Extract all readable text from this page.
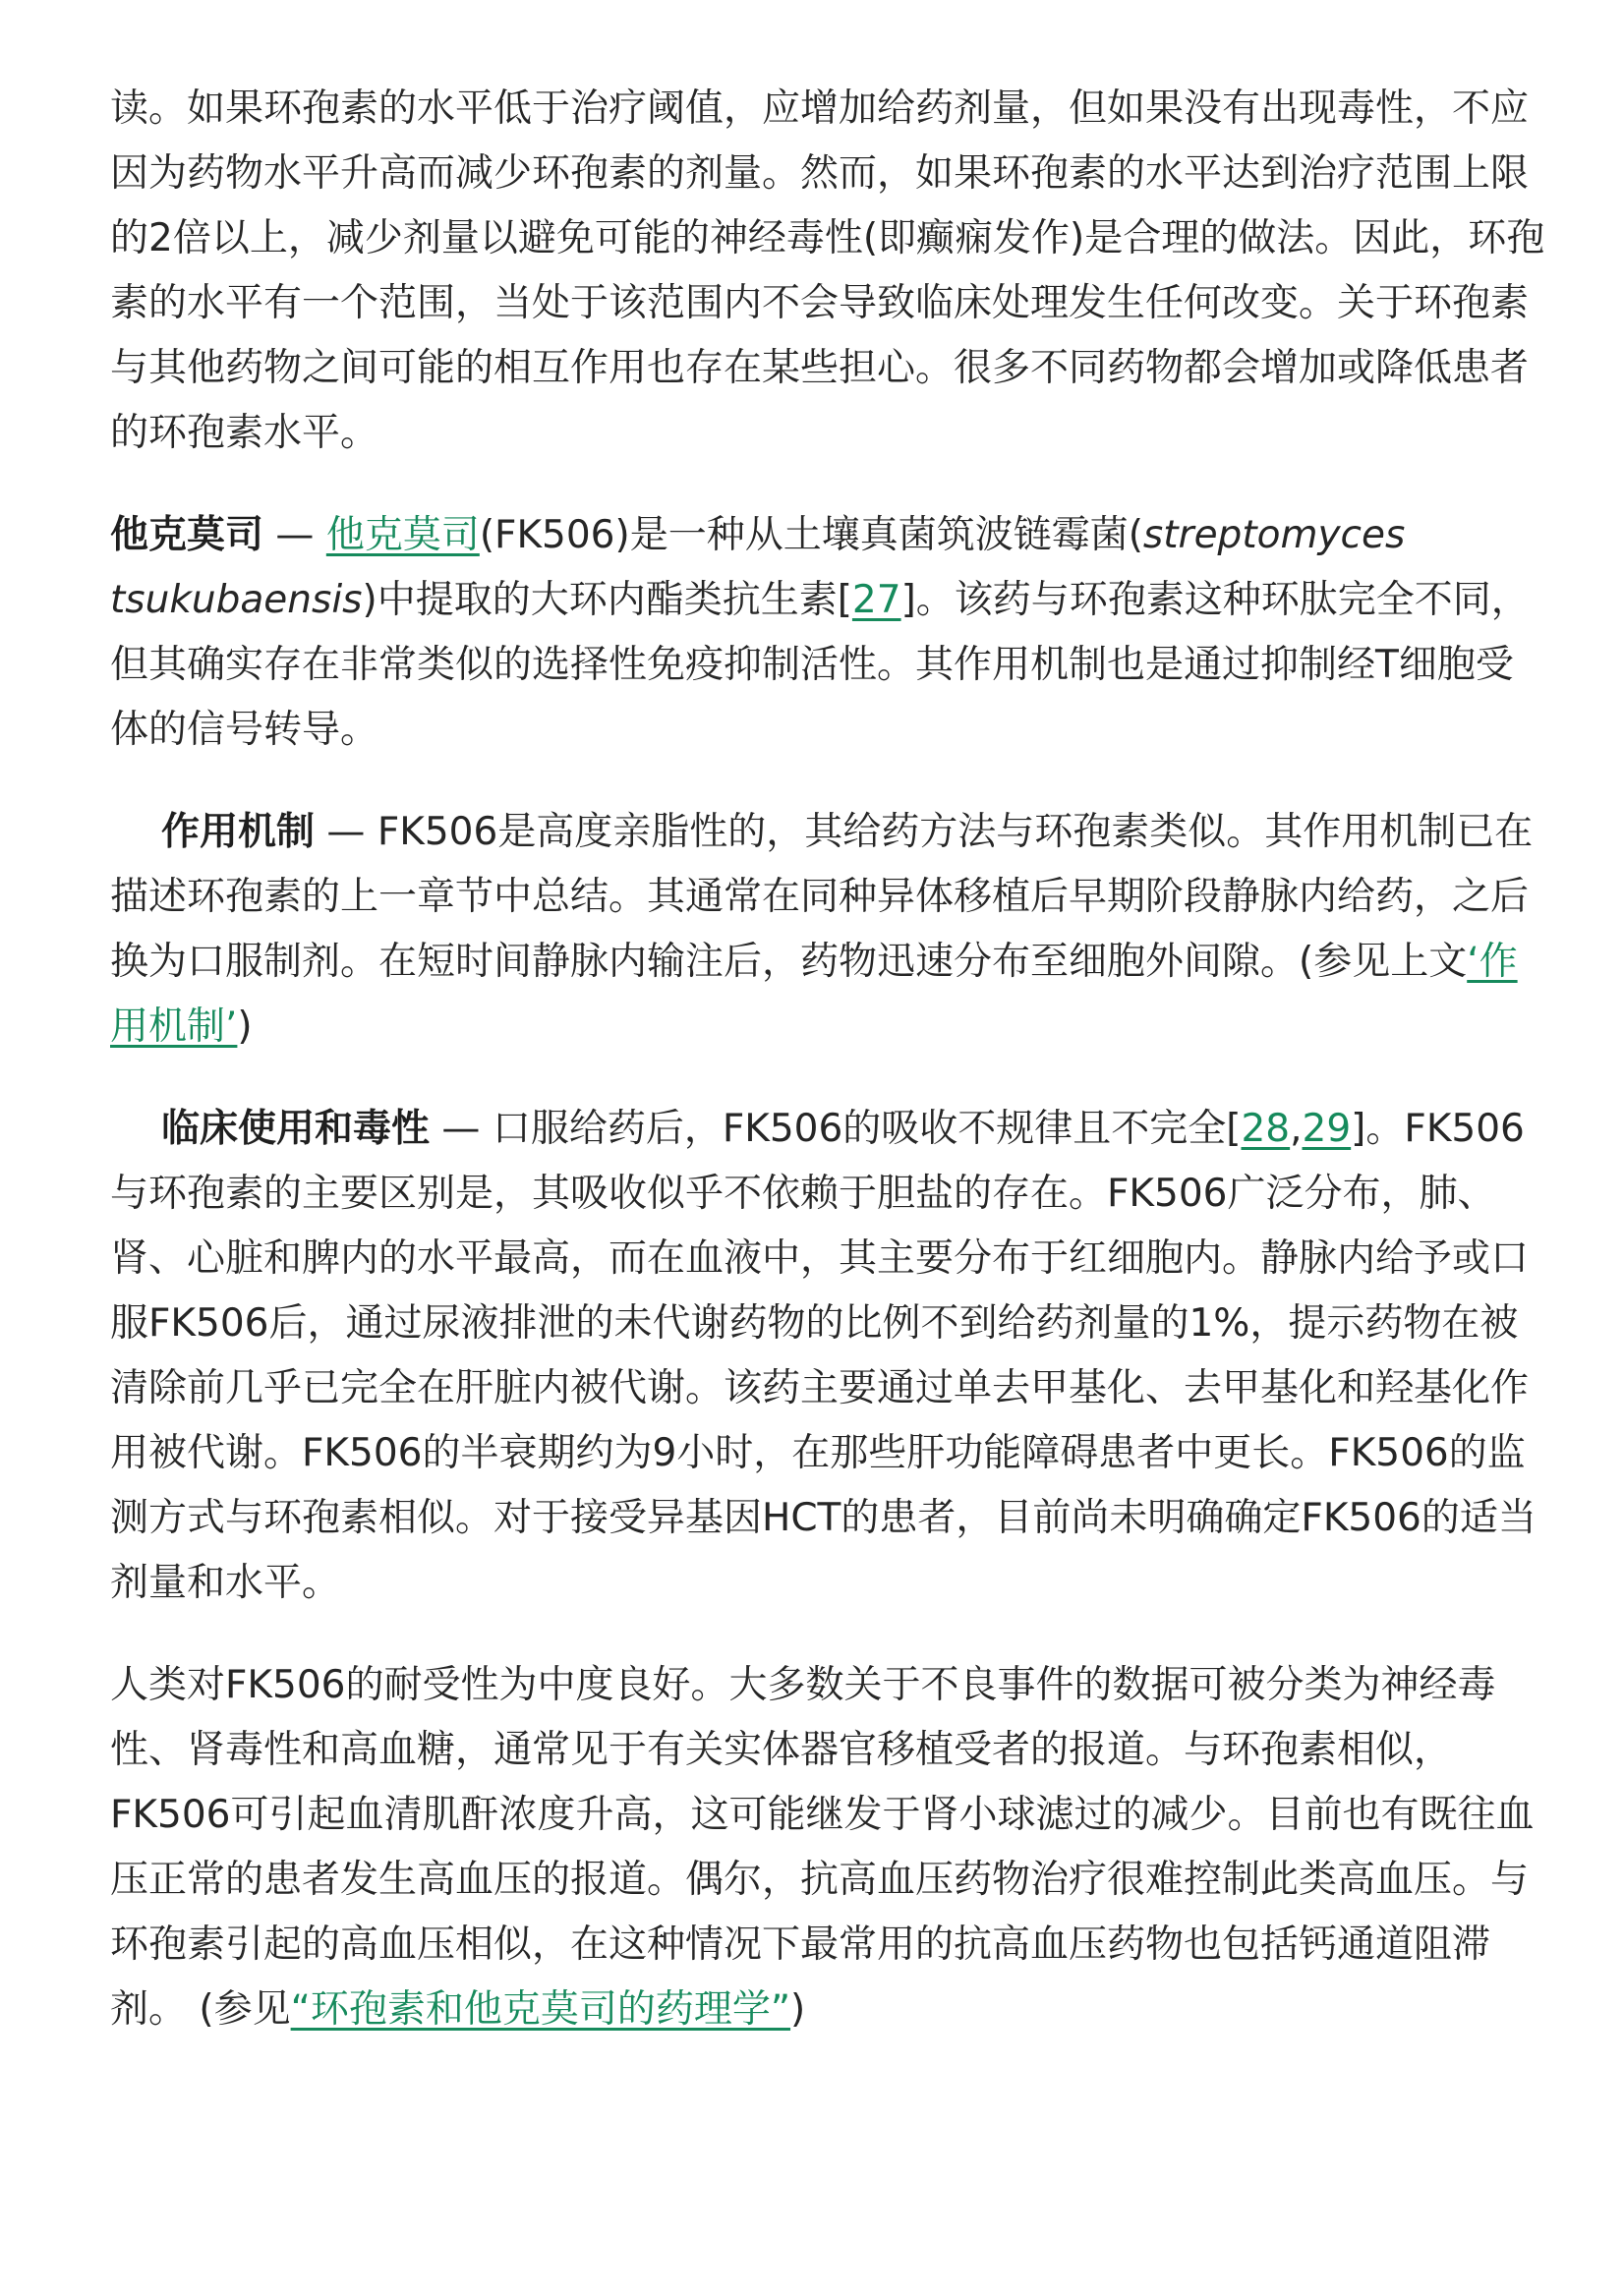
读。如果环孢素的水平低于治疗阈值，应增加给药剂量，但如果没有出现毒性，不应因为药物水平升高而减少环孢素的剂量。然而，如果环孢素的水平达到治疗范围上限的2倍以上，减少剂量以避免可能的神经毒性(即癫痫发作)是合理的做法。因此，环孢素的水平有一个范围，当处于该范围内不会导致临床处理发生任何改变。关于环孢素与其他药物之间可能的相互作用也存在某些担心。很多不同药物都会增加或降低患者的环孢素水平。

他克莫司 — 他克莫司(FK506)是一种从土壤真菌筑波链霉菌(streptomyces tsukubaensis)中提取的大环内酯类抗生素[27]。该药与环孢素这种环肽完全不同，但其确实存在非常类似的选择性免疫抑制活性。其作用机制也是通过抑制经T细胞受体的信号转导。

作用机制 — FK506是高度亲脂性的，其给药方法与环孢素类似。其作用机制已在描述环孢素的上一章节中总结。其通常在同种异体移植后早期阶段静脉内给药，之后换为口服制剂。在短时间静脉内输注后，药物迅速分布至细胞外间隙。(参见上文‘作用机制’)

临床使用和毒性 — 口服给药后，FK506的吸收不规律且不完全[28,29]。FK506与环孢素的主要区别是，其吸收似乎不依赖于胆盐的存在。FK506广泛分布，肺、肾、心脏和脾内的水平最高，而在血液中，其主要分布于红细胞内。静脉内给予或口服FK506后，通过尿液排泄的未代谢药物的比例不到给药剂量的1%，提示药物在被清除前几乎已完全在肝脏内被代谢。该药主要通过单去甲基化、去甲基化和羟基化作用被代谢。FK506的半衰期约为9小时，在那些肝功能障碍患者中更长。FK506的监测方式与环孢素相似。对于接受异基因HCT的患者，目前尚未明确确定FK506的适当剂量和水平。

人类对FK506的耐受性为中度良好。大多数关于不良事件的数据可被分类为神经毒性、肾毒性和高血糖，通常见于有关实体器官移植受者的报道。与环孢素相似，FK506可引起血清肌酐浓度升高，这可能继发于肾小球滤过的减少。目前也有既往血压正常的患者发生高血压的报道。偶尔，抗高血压药物治疗很难控制此类高血压。与环孢素引起的高血压相似，在这种情况下最常用的抗高血压药物也包括钙通道阻滞剂。 (参见“环孢素和他克莫司的药理学”)
